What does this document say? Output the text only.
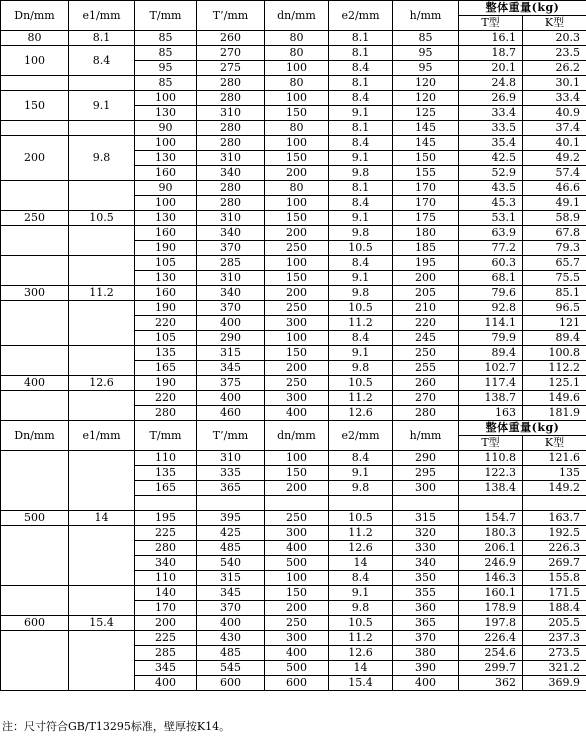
Dn/mm	e1/mm	T/mm	T’/mm	dn/mm	e2/mm	h/mm	整体重量(kg)	
							T型	K型
80	8.1	85	260	80	8.1	85	16.1	20.3
100	8.4	85	270	80	8.1	95	18.7	23.5
		95	275	100	8.4	95	20.1	26.2
		85	280	80	8.1	120	24.8	30.1
150	9.1	100	280	100	8.4	120	26.9	33.4
		130	310	150	9.1	125	33.4	40.9
		90	280	80	8.1	145	33.5	37.4
200	9.8	100	280	100	8.4	145	35.4	40.1
		130	310	150	9.1	150	42.5	49.2
		160	340	200	9.8	155	52.9	57.4
		90	280	80	8.1	170	43.5	46.6
		100	280	100	8.4	170	45.3	49.1
250	10.5	130	310	150	9.1	175	53.1	58.9
		160	340	200	9.8	180	63.9	67.8
		190	370	250	10.5	185	77.2	79.3
		105	285	100	8.4	195	60.3	65.7
		130	310	150	9.1	200	68.1	75.5
300	11.2	160	340	200	9.8	205	79.6	85.1
		190	370	250	10.5	210	92.8	96.5
		220	400	300	11.2	220	114.1	121
		105	290	100	8.4	245	79.9	89.4
		135	315	150	9.1	250	89.4	100.8
		165	345	200	9.8	255	102.7	112.2
400	12.6	190	375	250	10.5	260	117.4	125.1
		220	400	300	11.2	270	138.7	149.6
		280	460	400	12.6	280	163	181.9
Dn/mm	e1/mm	T/mm	T’/mm	dn/mm	e2/mm	h/mm	整体重量(kg)	
							T型	K型
		110	310	100	8.4	290	110.8	121.6
		135	335	150	9.1	295	122.3	135
		165	365	200	9.8	300	138.4	149.2

500	14	195	395	250	10.5	315	154.7	163.7
		225	425	300	11.2	320	180.3	192.5
		280	485	400	12.6	330	206.1	226.3
		340	540	500	14	340	246.9	269.7
		110	315	100	8.4	350	146.3	155.8
		140	345	150	9.1	355	160.1	171.5
		170	370	200	9.8	360	178.9	188.4
600	15.4	200	400	250	10.5	365	197.8	205.5
		225	430	300	11.2	370	226.4	237.3
		285	485	400	12.6	380	254.6	273.5
		345	545	500	14	390	299.7	321.2
		400	600	600	15.4	400	362	369.9
注：尺寸符合GB/T13295标准，壁厚按K14。
